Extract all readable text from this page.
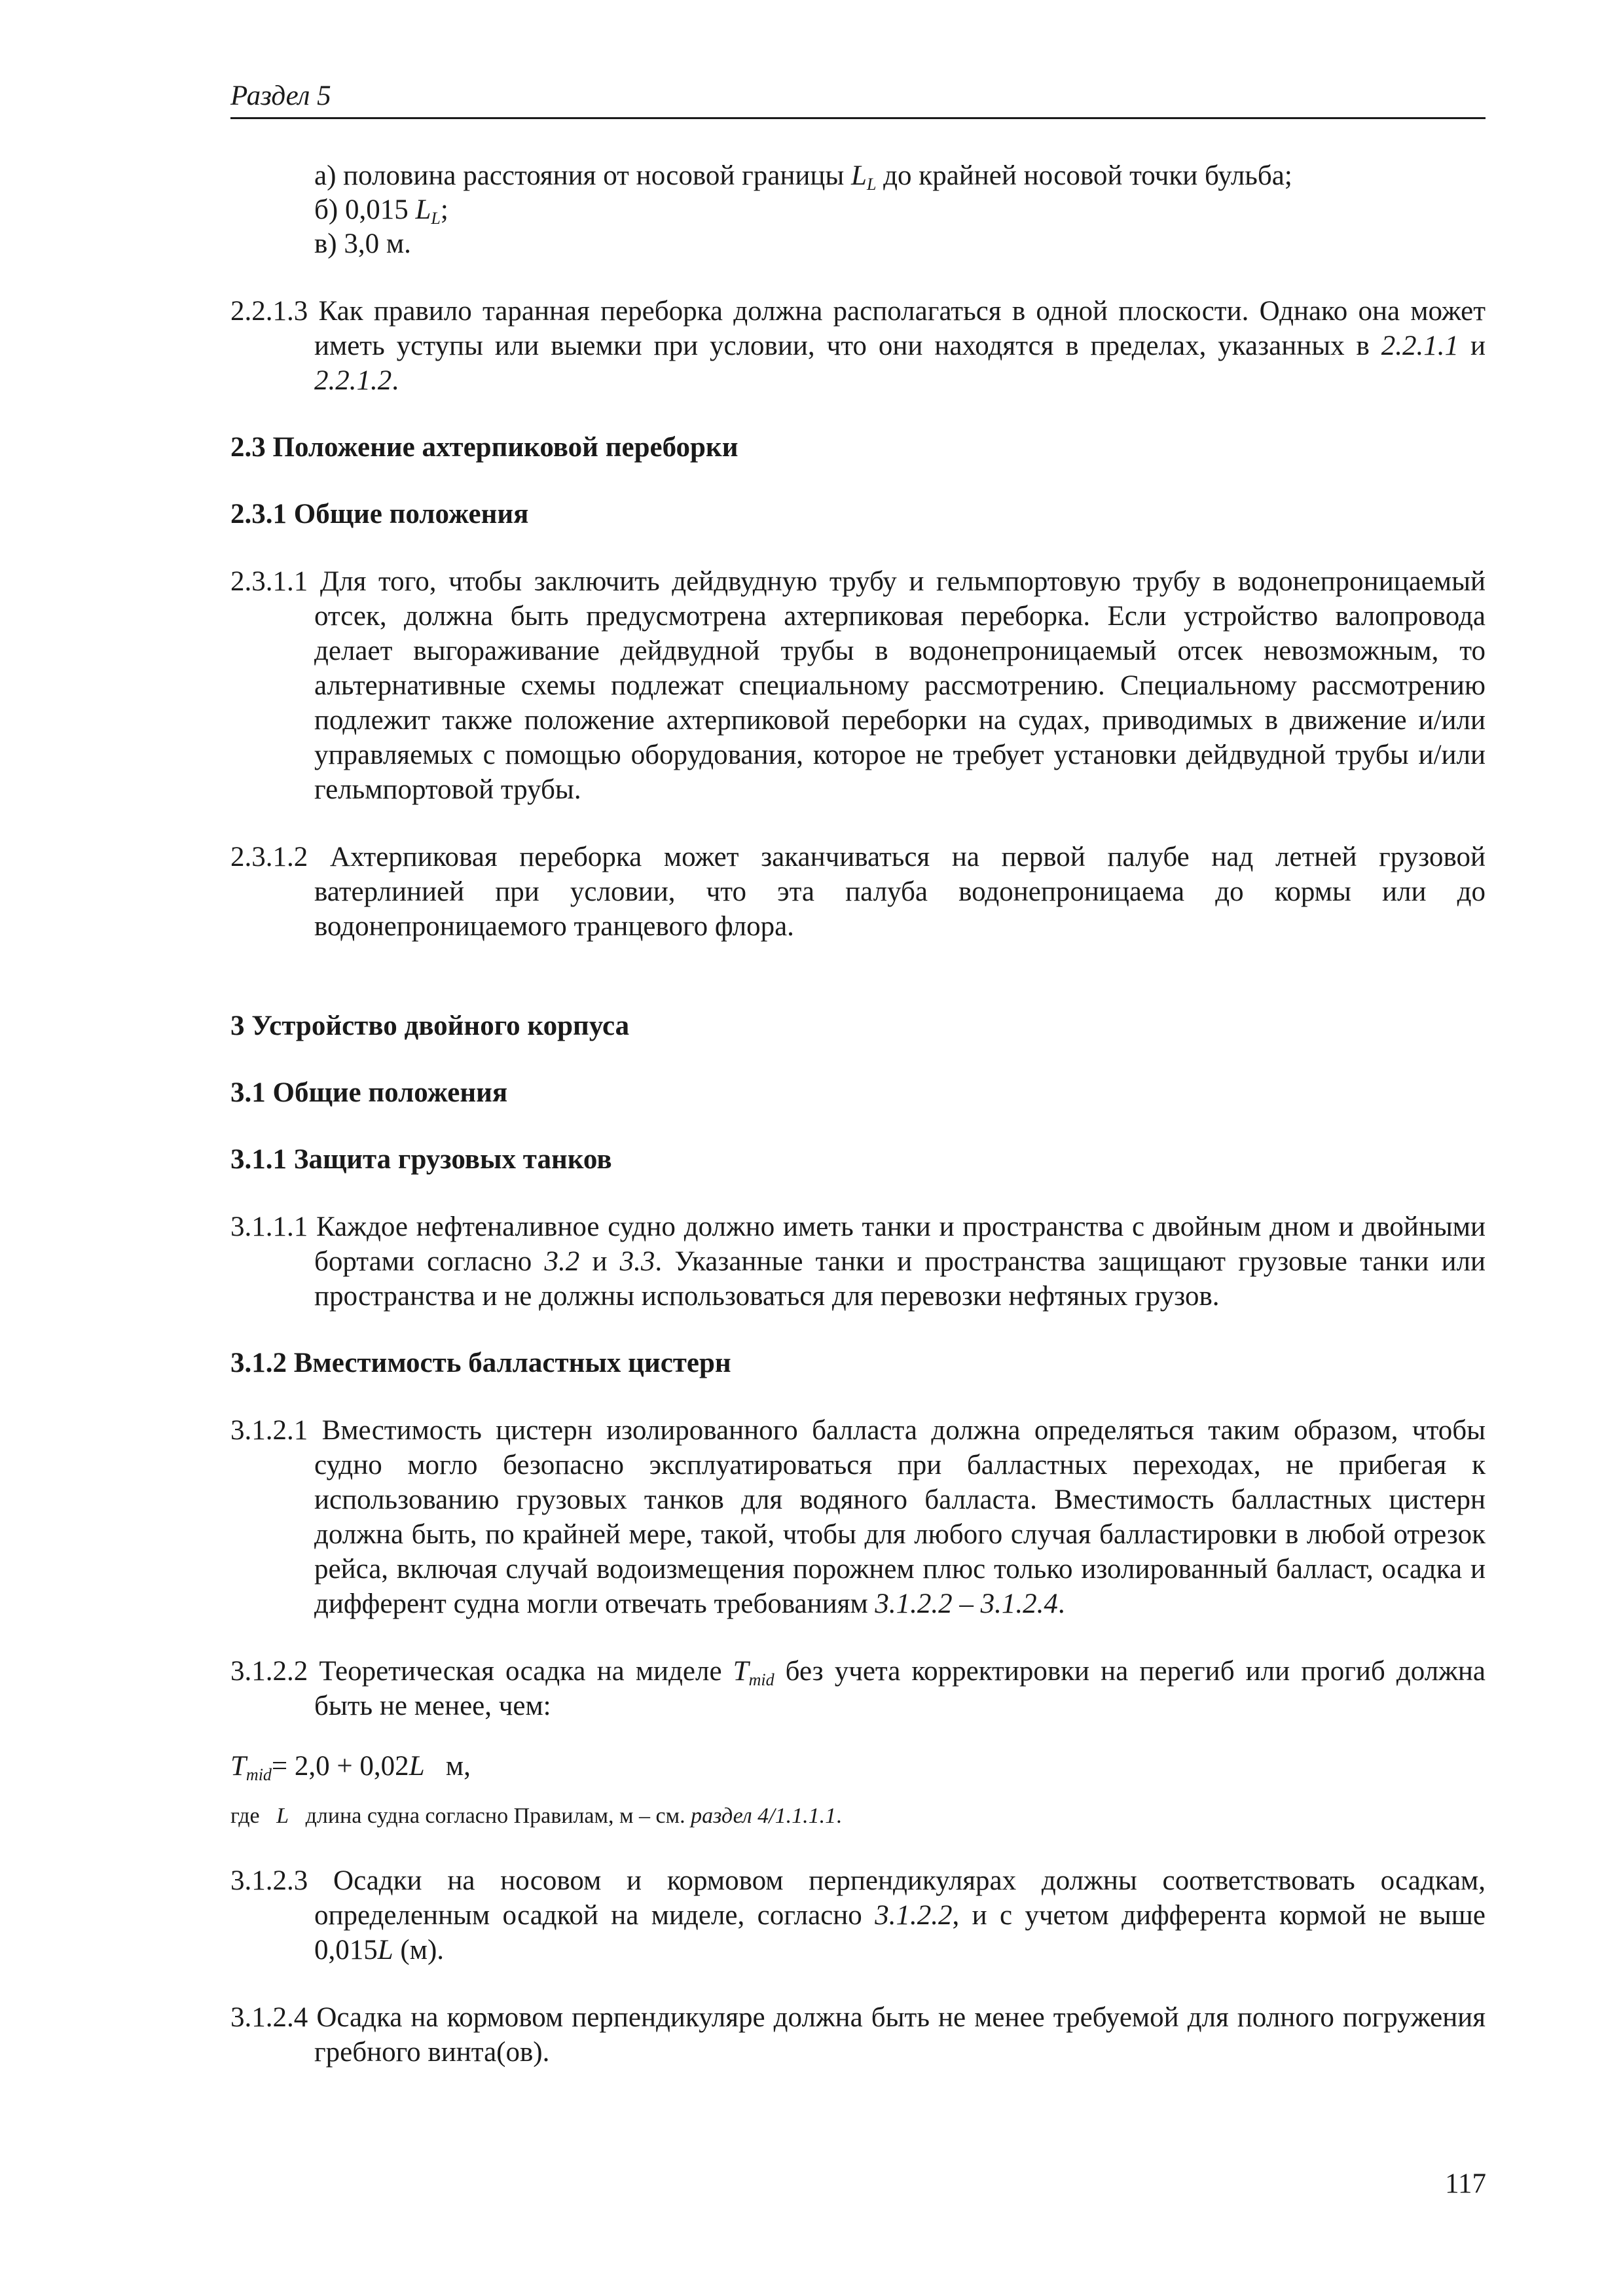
Раздел 5

а) половина расстояния от носовой границы $L_L$ до крайней носовой точки бульба;

б) 0,015 $L_L$;

в) 3,0 м.

2.2.1.3 Как правило таранная переборка должна располагаться в одной плоскости. Однако она может иметь уступы или выемки при условии, что они находятся в пределах, указанных в 2.2.1.1 и 2.2.1.2.

2.3 Положение ахтерпиковой переборки

2.3.1 Общие положения

2.3.1.1 Для того, чтобы заключить дейдвудную трубу и гельмпортовую трубу в водонепроницаемый отсек, должна быть предусмотрена ахтерпиковая переборка. Если устройство валопровода делает выгораживание дейдвудной трубы в водонепроницаемый отсек невозможным, то альтернативные схемы подлежат специальному рассмотрению. Специальному рассмотрению подлежит также положение ахтерпиковой переборки на судах, приводимых в движение и/или управляемых с помощью оборудования, которое не требует установки дейдвудной трубы и/или гельмпортовой трубы.

2.3.1.2 Ахтерпиковая переборка может заканчиваться на первой палубе над летней грузовой ватерлинией при условии, что эта палуба водонепроницаема до кормы или до водонепроницаемого транцевого флора.

3 Устройство двойного корпуса

3.1 Общие положения

3.1.1 Защита грузовых танков

3.1.1.1 Каждое нефтеналивное судно должно иметь танки и пространства с двойным дном и двойными бортами согласно 3.2 и 3.3. Указанные танки и пространства защищают грузовые танки или пространства и не должны использоваться для перевозки нефтяных грузов.

3.1.2 Вместимость балластных цистерн

3.1.2.1 Вместимость цистерн изолированного балласта должна определяться таким образом, чтобы судно могло безопасно эксплуатироваться при балластных переходах, не прибегая к использованию грузовых танков для водяного балласта. Вместимость балластных цистерн должна быть, по крайней мере, такой, чтобы для любого случая балластировки в любой отрезок рейса, включая случай водоизмещения порожнем плюс только изолированный балласт, осадка и дифферент судна могли отвечать требованиям 3.1.2.2 – 3.1.2.4.

3.1.2.2 Теоретическая осадка на миделе $T_{mid}$ без учета корректировки на перегиб или прогиб должна быть не менее, чем:

$T_{mid}= 2,0 + 0,02L$   м,

где   L   длина судна согласно Правилам, м – см. раздел 4/1.1.1.1.

3.1.2.3 Осадки на носовом и кормовом перпендикулярах должны соответствовать осадкам, определенным осадкой на миделе, согласно 3.1.2.2, и с учетом дифферента кормой не выше 0,015L (м).

3.1.2.4 Осадка на кормовом перпендикуляре должна быть не менее требуемой для полного погружения гребного винта(ов).

117
